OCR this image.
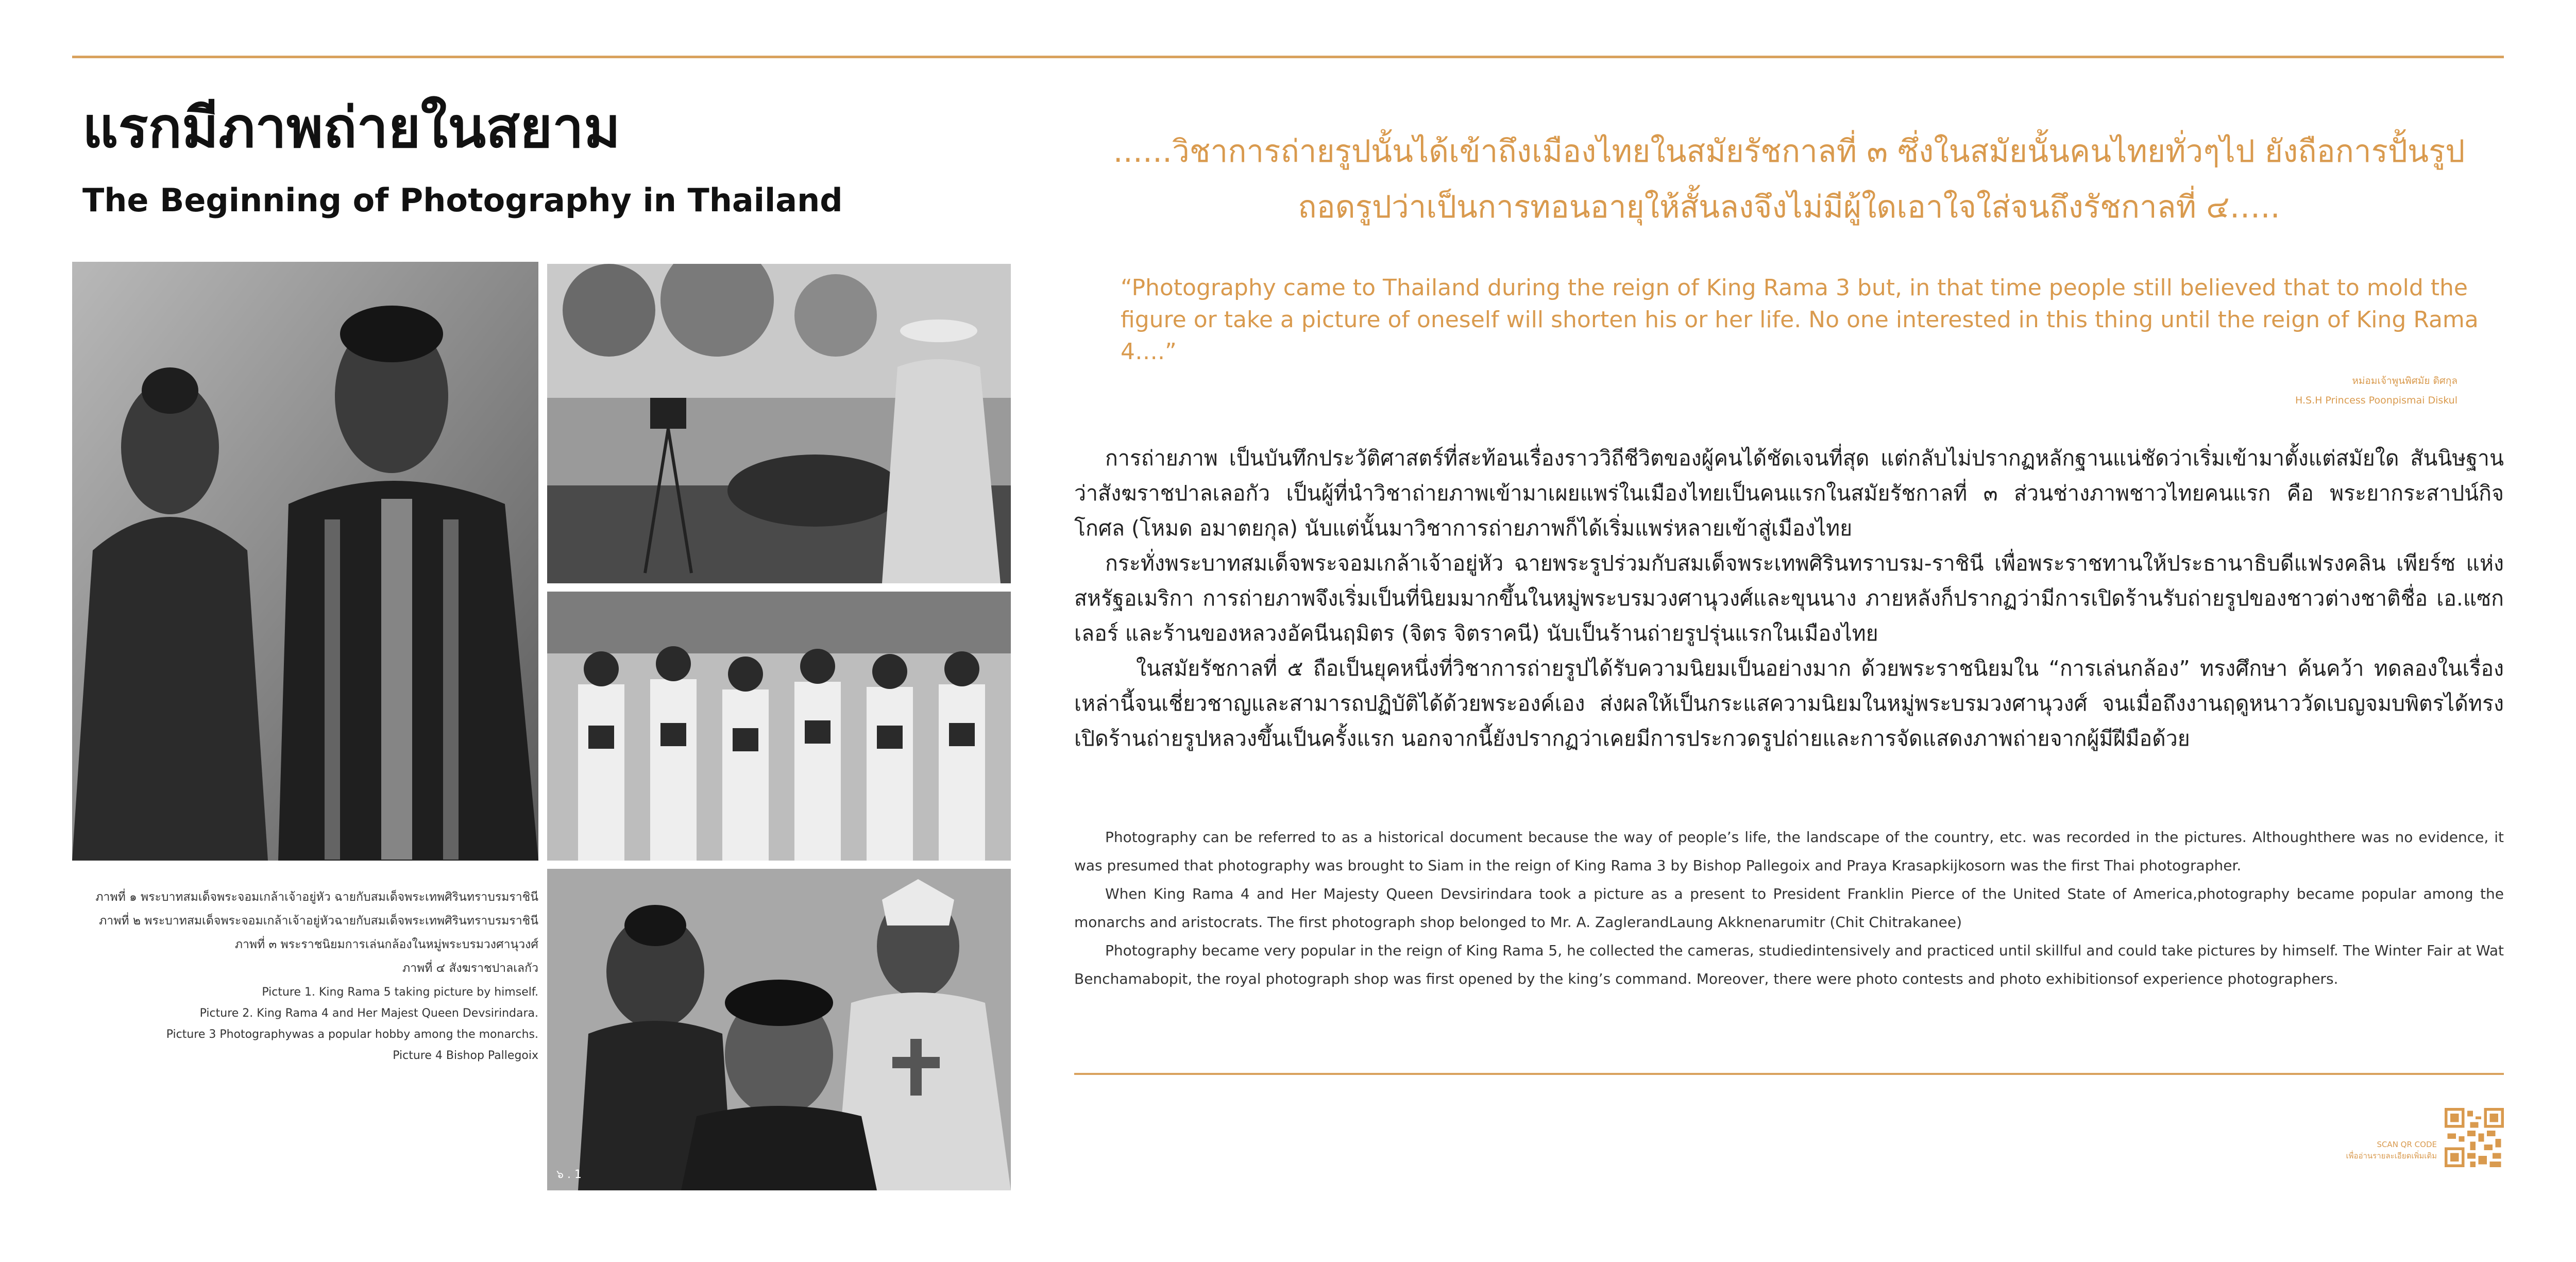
แรกมีภาพถ่ายในสยาม
The Beginning of Photography in Thailand
๖ . 1
ภาพที่ ๑ พระบาทสมเด็จพระจอมเกล้าเจ้าอยู่หัว ฉายกับสมเด็จพระเทพศิรินทราบรมราชินี
ภาพที่ ๒ พระบาทสมเด็จพระจอมเกล้าเจ้าอยู่หัวฉายกับสมเด็จพระเทพศิรินทราบรมราชินี
ภาพที่ ๓ พระราชนิยมการเล่นกล้องในหมู่พระบรมวงศานุวงศ์
ภาพที่ ๔ สังฆราชปาลเลกัว
Picture 1. King Rama 5 taking picture by himself.
Picture 2. King Rama 4 and Her Majest Queen Devsirindara.
Picture 3 Photographywas a popular hobby among the monarchs.
Picture 4 Bishop Pallegoix
......วิชาการถ่ายรูปนั้นได้เข้าถึงเมืองไทยในสมัยรัชกาลที่ ๓ ซึ่งในสมัยนั้นคนไทยทั่วๆไป ยังถือการปั้นรูป
ถอดรูปว่าเป็นการทอนอายุให้สั้นลงจึงไม่มีผู้ใดเอาใจใส่จนถึงรัชกาลที่ ๔…..
“Photography came to Thailand during the reign of King Rama 3 but, in that time people still believed that to mold the figure or take a picture of oneself will shorten his or her life. No one interested in this thing until the reign of King Rama 4….”
หม่อมเจ้าพูนพิศมัย ดิศกุล
H.S.H Princess Poonpismai Diskul

การถ่ายภาพ เป็นบันทึกประวัติศาสตร์ที่สะท้อนเรื่องราววิถีชีวิตของผู้คนได้ชัดเจนที่สุด แต่กลับไม่ปรากฏหลักฐานแน่ชัดว่าเริ่มเข้ามาตั้งแต่สมัยใด สันนิษฐานว่าสังฆราชปาลเลอกัว เป็นผู้ที่นำวิชาถ่ายภาพเข้ามาเผยแพร่ในเมืองไทยเป็นคนแรกในสมัยรัชกาลที่ ๓ ส่วนช่างภาพชาวไทยคนแรก คือ พระยากระสาปน์กิจโกศล (โหมด อมาตยกุล) นับแต่นั้นมาวิชาการถ่ายภาพก็ได้เริ่มแพร่หลายเข้าสู่เมืองไทย

กระทั่งพระบาทสมเด็จพระจอมเกล้าเจ้าอยู่หัว ฉายพระรูปร่วมกับสมเด็จพระเทพศิรินทราบรม-ราชินี เพื่อพระราชทานให้ประธานาธิบดีแฟรงคลิน เพียร์ซ แห่งสหรัฐอเมริกา การถ่ายภาพจึงเริ่มเป็นที่นิยมมากขึ้นในหมู่พระบรมวงศานุวงศ์และขุนนาง ภายหลังก็ปรากฏว่ามีการเปิดร้านรับถ่ายรูปของชาวต่างชาติชื่อ เอ.แซกเลอร์ และร้านของหลวงอัคนีนฤมิตร (จิตร จิตราคนี) นับเป็นร้านถ่ายรูปรุ่นแรกในเมืองไทย

ในสมัยรัชกาลที่ ๕ ถือเป็นยุคหนึ่งที่วิชาการถ่ายรูปได้รับความนิยมเป็นอย่างมาก ด้วยพระราชนิยมใน “การเล่นกล้อง” ทรงศึกษา ค้นคว้า ทดลองในเรื่องเหล่านี้จนเชี่ยวชาญและสามารถปฏิบัติได้ด้วยพระองค์เอง ส่งผลให้เป็นกระแสความนิยมในหมู่พระบรมวงศานุวงศ์ จนเมื่อถึงงานฤดูหนาววัดเบญจมบพิตรได้ทรงเปิดร้านถ่ายรูปหลวงขึ้นเป็นครั้งแรก นอกจากนี้ยังปรากฏว่าเคยมีการประกวดรูปถ่ายและการจัดแสดงภาพถ่ายจากผู้มีฝีมือด้วย

Photography can be referred to as a historical document because the way of people’s life, the landscape of the country, etc. was recorded in the pictures. Althoughthere was no evidence, it was presumed that photography was brought to Siam in the reign of King Rama 3 by Bishop Pallegoix and Praya Krasapkijkosorn was the first Thai photographer.

When King Rama 4 and Her Majesty Queen Devsirindara took a picture as a present to President Franklin Pierce of the United State of America,photography became popular among the monarchs and aristocrats. The first photograph shop belonged to Mr. A. ZaglerandLaung Akknenarumitr (Chit Chitrakanee)

Photography became very popular in the reign of King Rama 5, he collected the cameras, studiedintensively and practiced until skillful and could take pictures by himself. The Winter Fair at Wat Benchamabopit, the royal photograph shop was first opened by the king’s command. Moreover, there were photo contests and photo exhibitionsof experience photographers.

SCAN QR CODE
เพื่ออ่านรายละเอียดเพิ่มเติม
